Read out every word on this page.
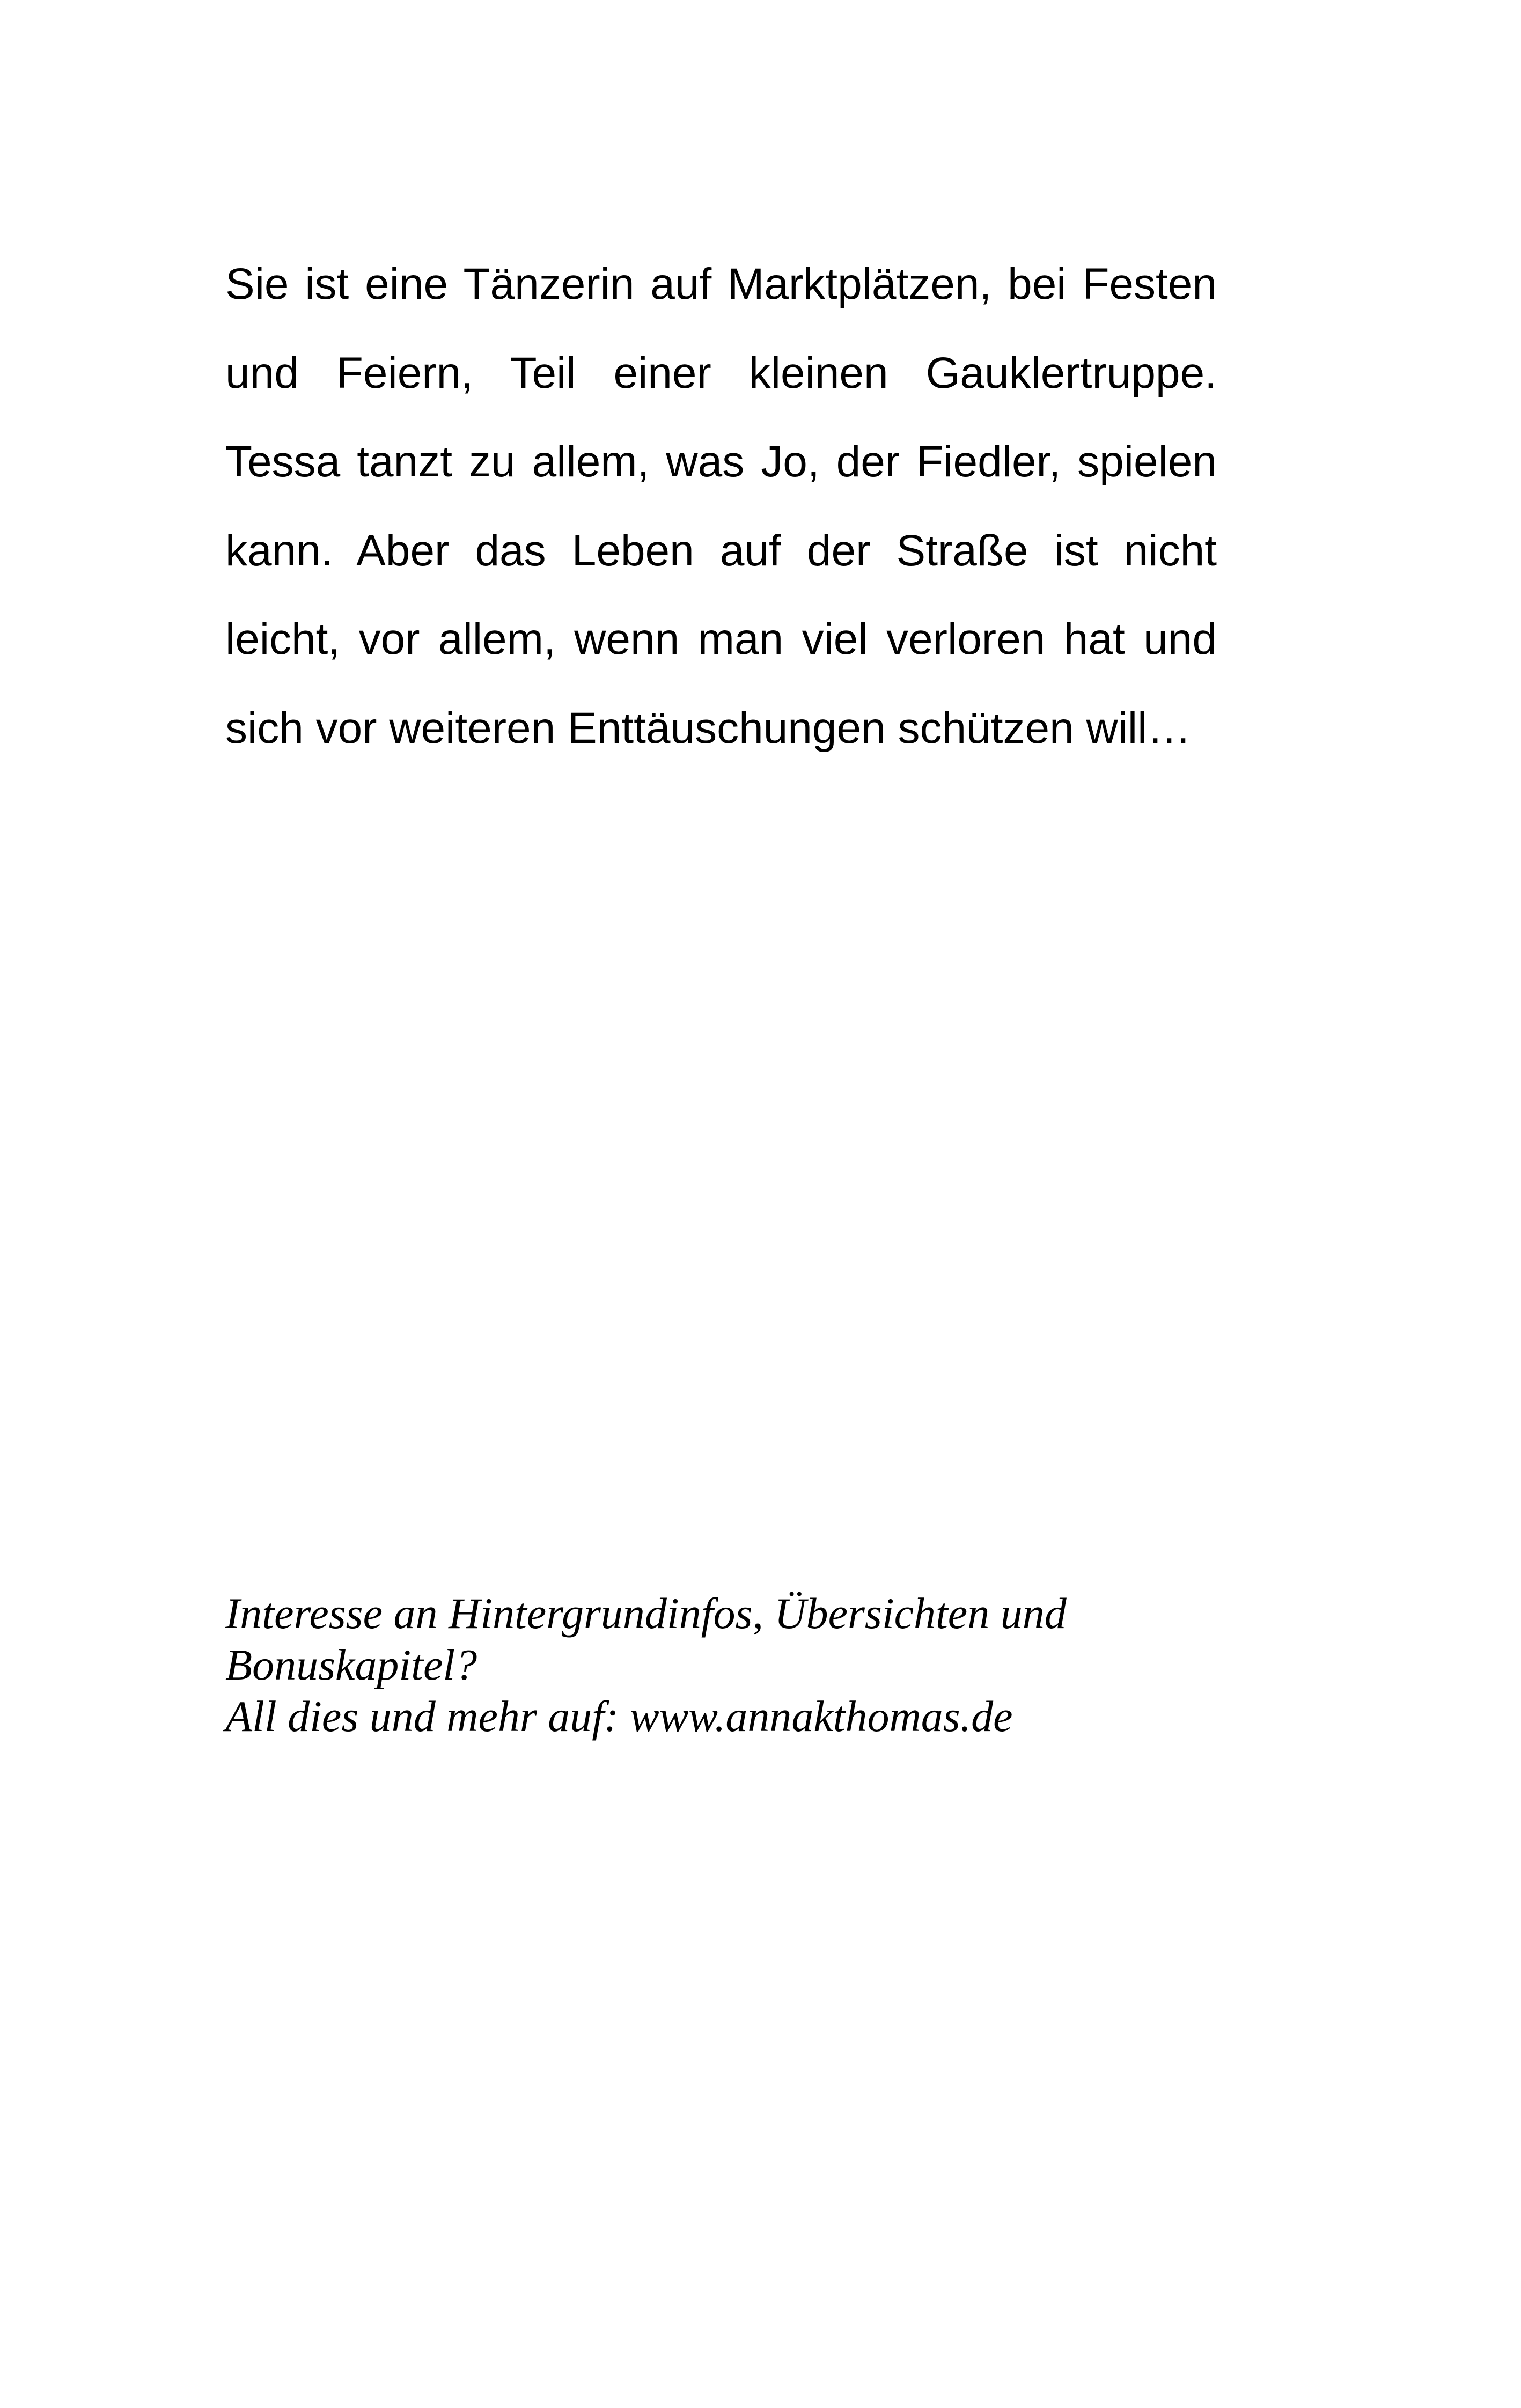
Sie ist eine Tänzerin auf Marktplätzen, bei Festen
und Feiern, Teil einer kleinen Gauklertruppe.
Tessa tanzt zu allem, was Jo, der Fiedler, spielen
kann. Aber das Leben auf der Straße ist nicht
leicht, vor allem, wenn man viel verloren hat und
sich vor weiteren Enttäuschungen schützen will…
Interesse an Hintergrundinfos, Übersichten und
Bonuskapitel?
All dies und mehr auf: www.annakthomas.de
